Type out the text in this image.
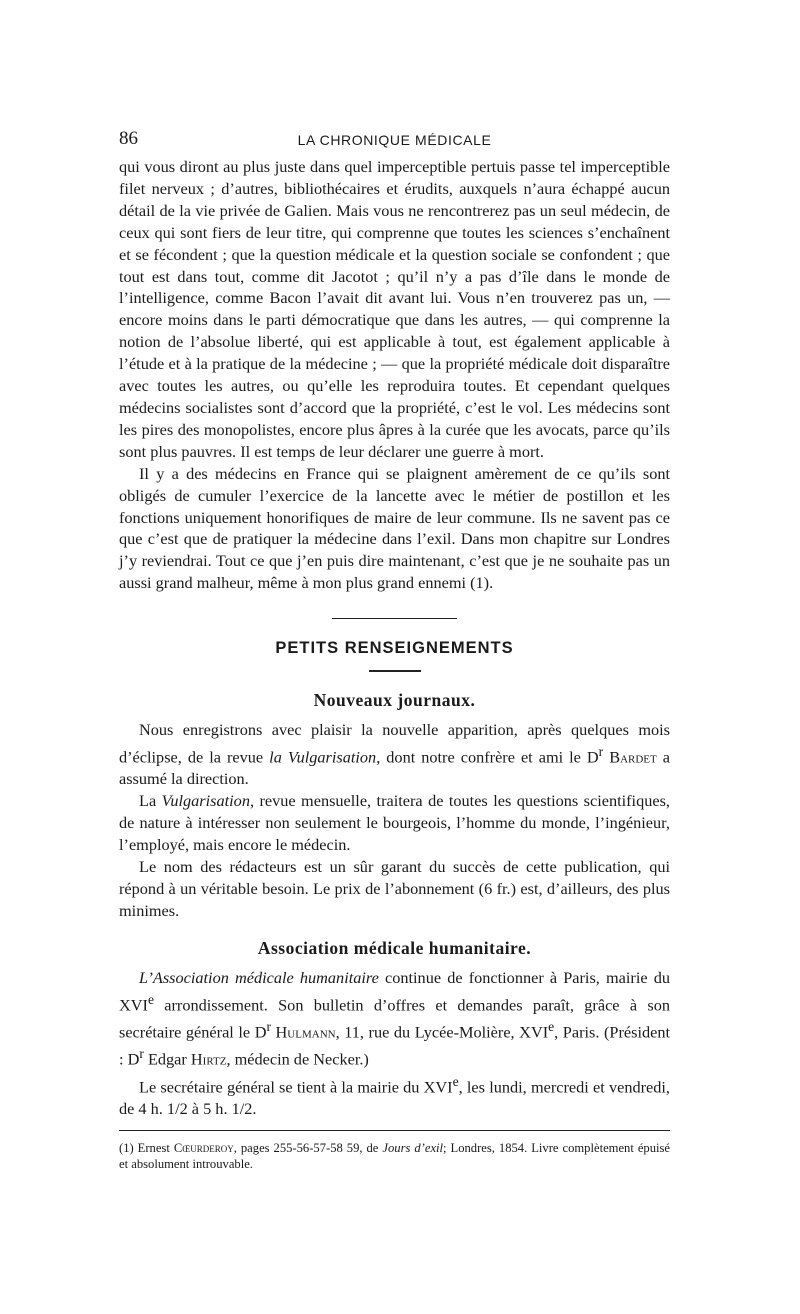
86	LA CHRONIQUE MÉDICALE

qui vous diront au plus juste dans quel imperceptible pertuis passe tel imperceptible filet nerveux ; d’autres, bibliothécaires et érudits, auxquels n’aura échappé aucun détail de la vie privée de Galien. Mais vous ne rencontrerez pas un seul médecin, de ceux qui sont fiers de leur titre, qui comprenne que toutes les sciences s’enchaînent et se fécondent ; que la question médicale et la question sociale se confondent ; que tout est dans tout, comme dit Jacotot ; qu’il n’y a pas d’île dans le monde de l’intelligence, comme Bacon l’avait dit avant lui. Vous n’en trouverez pas un, — encore moins dans le parti démocratique que dans les autres, — qui comprenne la notion de l’absolue liberté, qui est applicable à tout, est également applicable à l’étude et à la pratique de la médecine ; — que la propriété médicale doit disparaître avec toutes les autres, ou qu’elle les reproduira toutes. Et cependant quelques médecins socialistes sont d’accord que la propriété, c’est le vol. Les médecins sont les pires des monopolistes, encore plus âpres à la curée que les avocats, parce qu’ils sont plus pauvres. Il est temps de leur déclarer une guerre à mort.

Il y a des médecins en France qui se plaignent amèrement de ce qu’ils sont obligés de cumuler l’exercice de la lancette avec le métier de postillon et les fonctions uniquement honorifiques de maire de leur commune. Ils ne savent pas ce que c’est que de pratiquer la médecine dans l’exil. Dans mon chapitre sur Londres j’y reviendrai. Tout ce que j’en puis dire maintenant, c’est que je ne souhaite pas un aussi grand malheur, même à mon plus grand ennemi (1).

PETITS RENSEIGNEMENTS
Nouveaux journaux.

Nous enregistrons avec plaisir la nouvelle apparition, après quelques mois d’éclipse, de la revue la Vulgarisation, dont notre confrère et ami le $D^r$ Bardet a assumé la direction.

La Vulgarisation, revue mensuelle, traitera de toutes les questions scientifiques, de nature à intéresser non seulement le bourgeois, l’homme du monde, l’ingénieur, l’employé, mais encore le médecin.

Le nom des rédacteurs est un sûr garant du succès de cette publication, qui répond à un véritable besoin. Le prix de l’abonnement (6 fr.) est, d’ailleurs, des plus minimes.

Association médicale humanitaire.

L’Association médicale humanitaire continue de fonctionner à Paris, mairie du XVIe arrondissement. Son bulletin d’offres et demandes paraît, grâce à son secrétaire général le $D^r$ Hulmann, 11, rue du Lycée-Molière, XVIe, Paris. (Président : $D^r$ Edgar Hirtz, médecin de Necker.)

Le secrétaire général se tient à la mairie du XVIe, les lundi, mercredi et vendredi, de 4 h. 1/2 à 5 h. 1/2.

(1) Ernest Cœurderoy, pages 255-56-57-58 59, de Jours d’exil; Londres, 1854. Livre complètement épuisé et absolument introuvable.
